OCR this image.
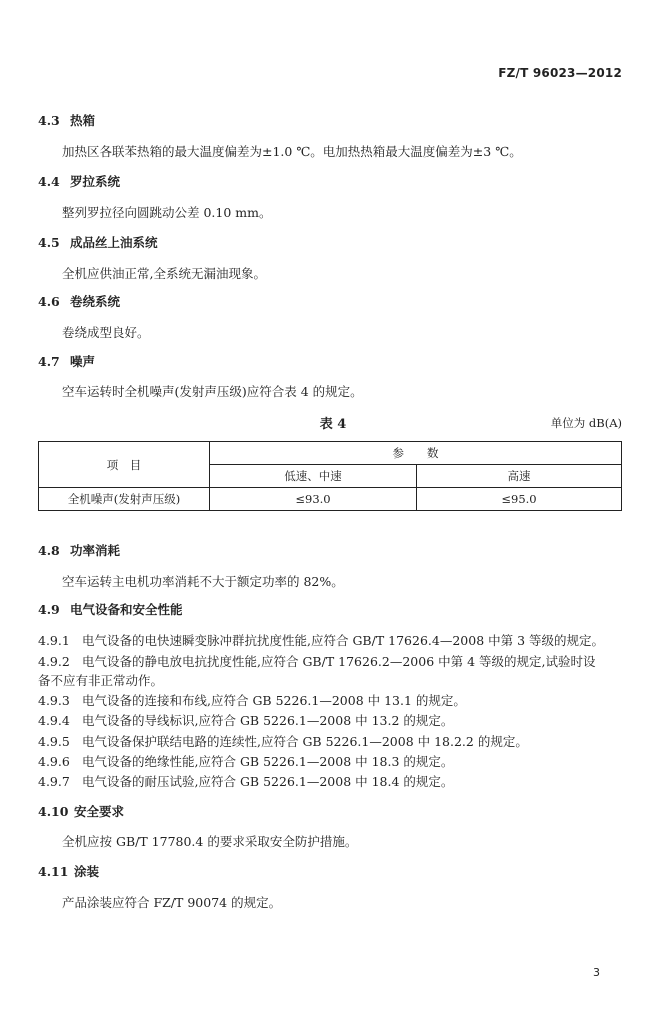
FZ/T 96023—2012
4.3 热箱
加热区各联苯热箱的最大温度偏差为±1.0 ℃。电加热热箱最大温度偏差为±3 ℃。
4.4 罗拉系统
整列罗拉径向圆跳动公差 0.10 mm。
4.5 成品丝上油系统
全机应供油正常,全系统无漏油现象。
4.6 卷绕系统
卷绕成型良好。
4.7 噪声
空车运转时全机噪声(发射声压级)应符合表 4 的规定。
表 4	单位为 dB(A)
项　目	参　　数	
	低速、中速	高速
全机噪声(发射声压级)	≤93.0	≤95.0
4.8 功率消耗
空车运转主电机功率消耗不大于额定功率的 82%。
4.9 电气设备和安全性能
4.9.1 电气设备的电快速瞬变脉冲群抗扰度性能,应符合 GB/T 17626.4—2008 中第 3 等级的规定。
4.9.2 电气设备的静电放电抗扰度性能,应符合 GB/T 17626.2—2006 中第 4 等级的规定,试验时设
备不应有非正常动作。
4.9.3 电气设备的连接和布线,应符合 GB 5226.1—2008 中 13.1 的规定。
4.9.4 电气设备的导线标识,应符合 GB 5226.1—2008 中 13.2 的规定。
4.9.5 电气设备保护联结电路的连续性,应符合 GB 5226.1—2008 中 18.2.2 的规定。
4.9.6 电气设备的绝缘性能,应符合 GB 5226.1—2008 中 18.3 的规定。
4.9.7 电气设备的耐压试验,应符合 GB 5226.1—2008 中 18.4 的规定。
4.10 安全要求
全机应按 GB/T 17780.4 的要求采取安全防护措施。
4.11 涂装
产品涂装应符合 FZ/T 90074 的规定。
3
